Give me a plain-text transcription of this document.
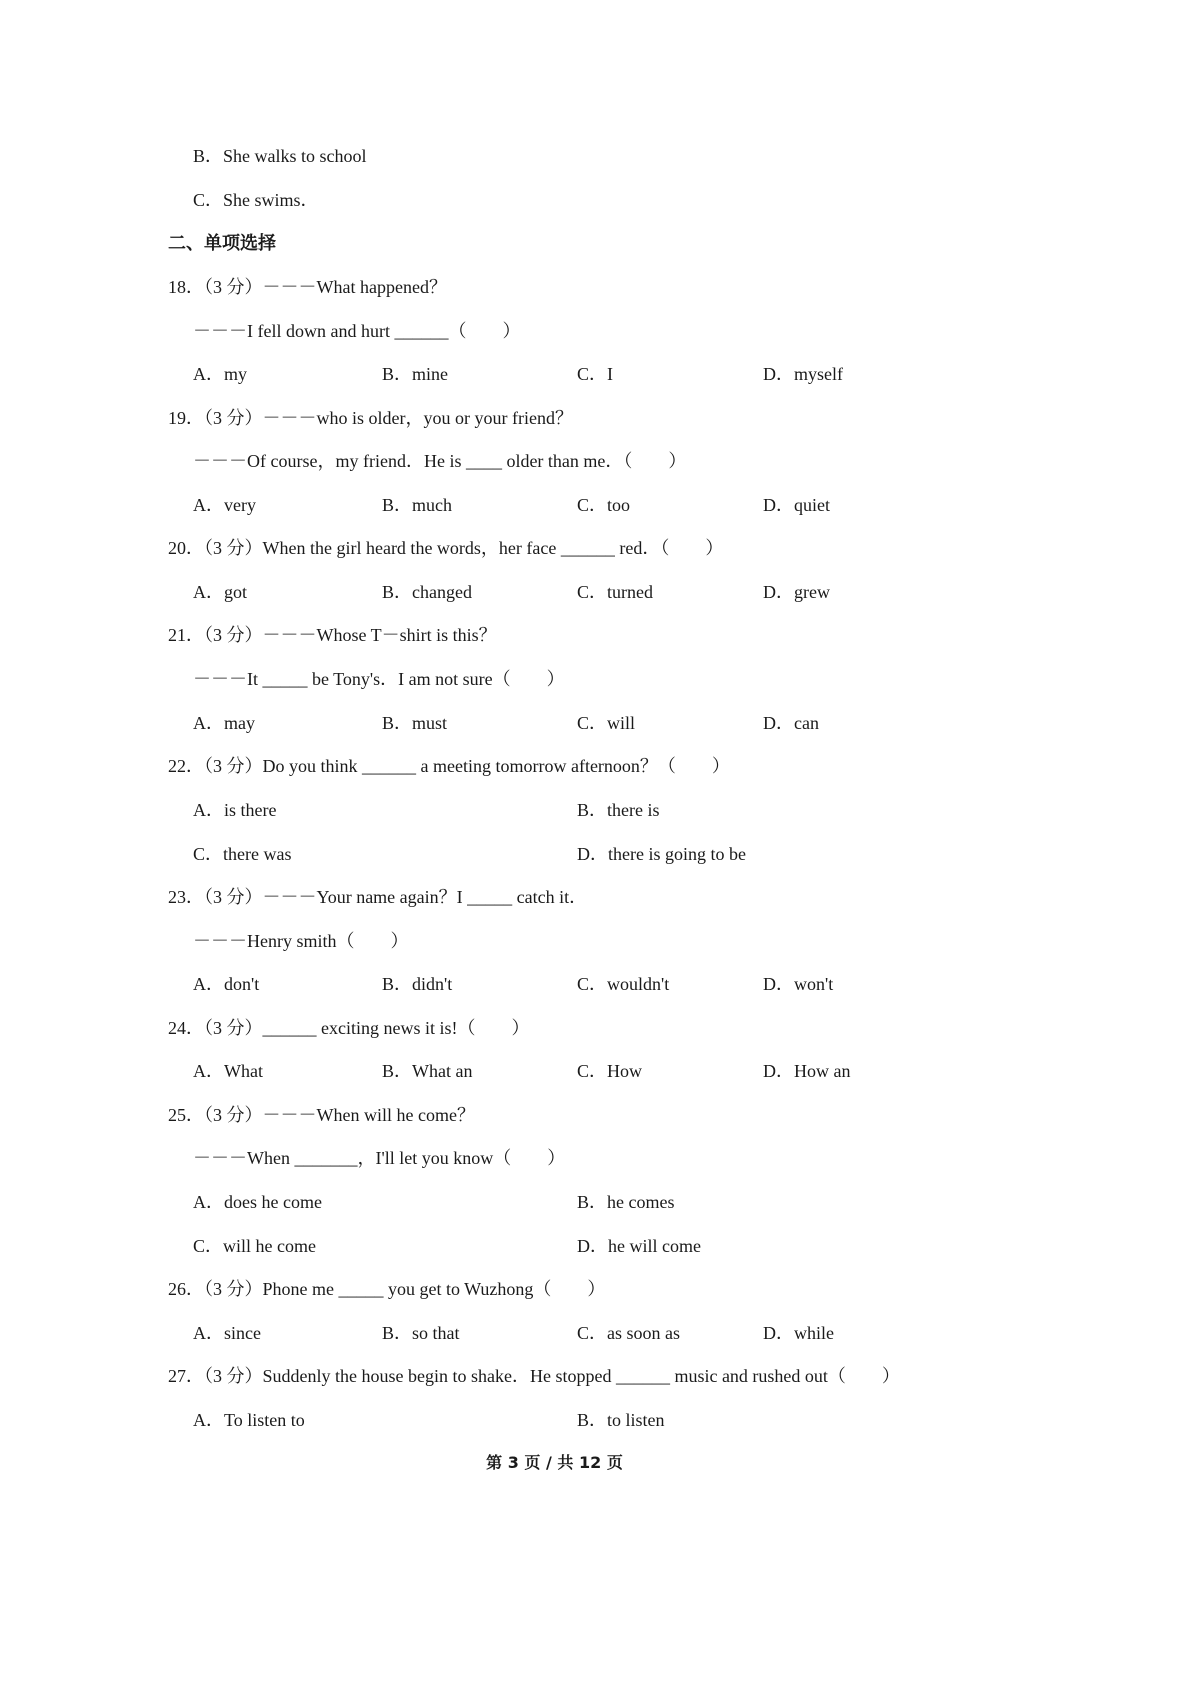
B．She walks to school
C．She swims．
二、单项选择
18．（3 分）－－－What happened？
－－－I fell down and hurt ______（　　）
A．my	B．mine	C．I	D．myself
19．（3 分）－－－who is older，you or your friend？
－－－Of course，my friend．He is ____ older than me．（　　）
A．very	B．much	C．too	D．quiet
20．（3 分）When the girl heard the words，her face ______ red．（　　）
A．got	B．changed	C．turned	D．grew
21．（3 分）－－－Whose T－shirt is this？
－－－It _____ be Tony's．I am not sure（　　）
A．may	B．must	C．will	D．can
22．（3 分）Do you think ______ a meeting tomorrow afternoon？（　　）
A．is there	B．there is
C．there was	D．there is going to be
23．（3 分）－－－Your name again？I _____ catch it．
－－－Henry smith（　　）
A．don't	B．didn't	C．wouldn't	D．won't
24．（3 分）______ exciting news it is!（　　）
A．What	B．What an	C．How	D．How an
25．（3 分）－－－When will he come？
－－－When _______，I'll let you know（　　）
A．does he come	B．he comes
C．will he come	D．he will come
26．（3 分）Phone me _____ you get to Wuzhong（　　）
A．since	B．so that	C．as soon as	D．while
27．（3 分）Suddenly the house begin to shake．He stopped ______ music and rushed out（　　）
A．To listen to	B．to listen
第 3 页 / 共 12 页
